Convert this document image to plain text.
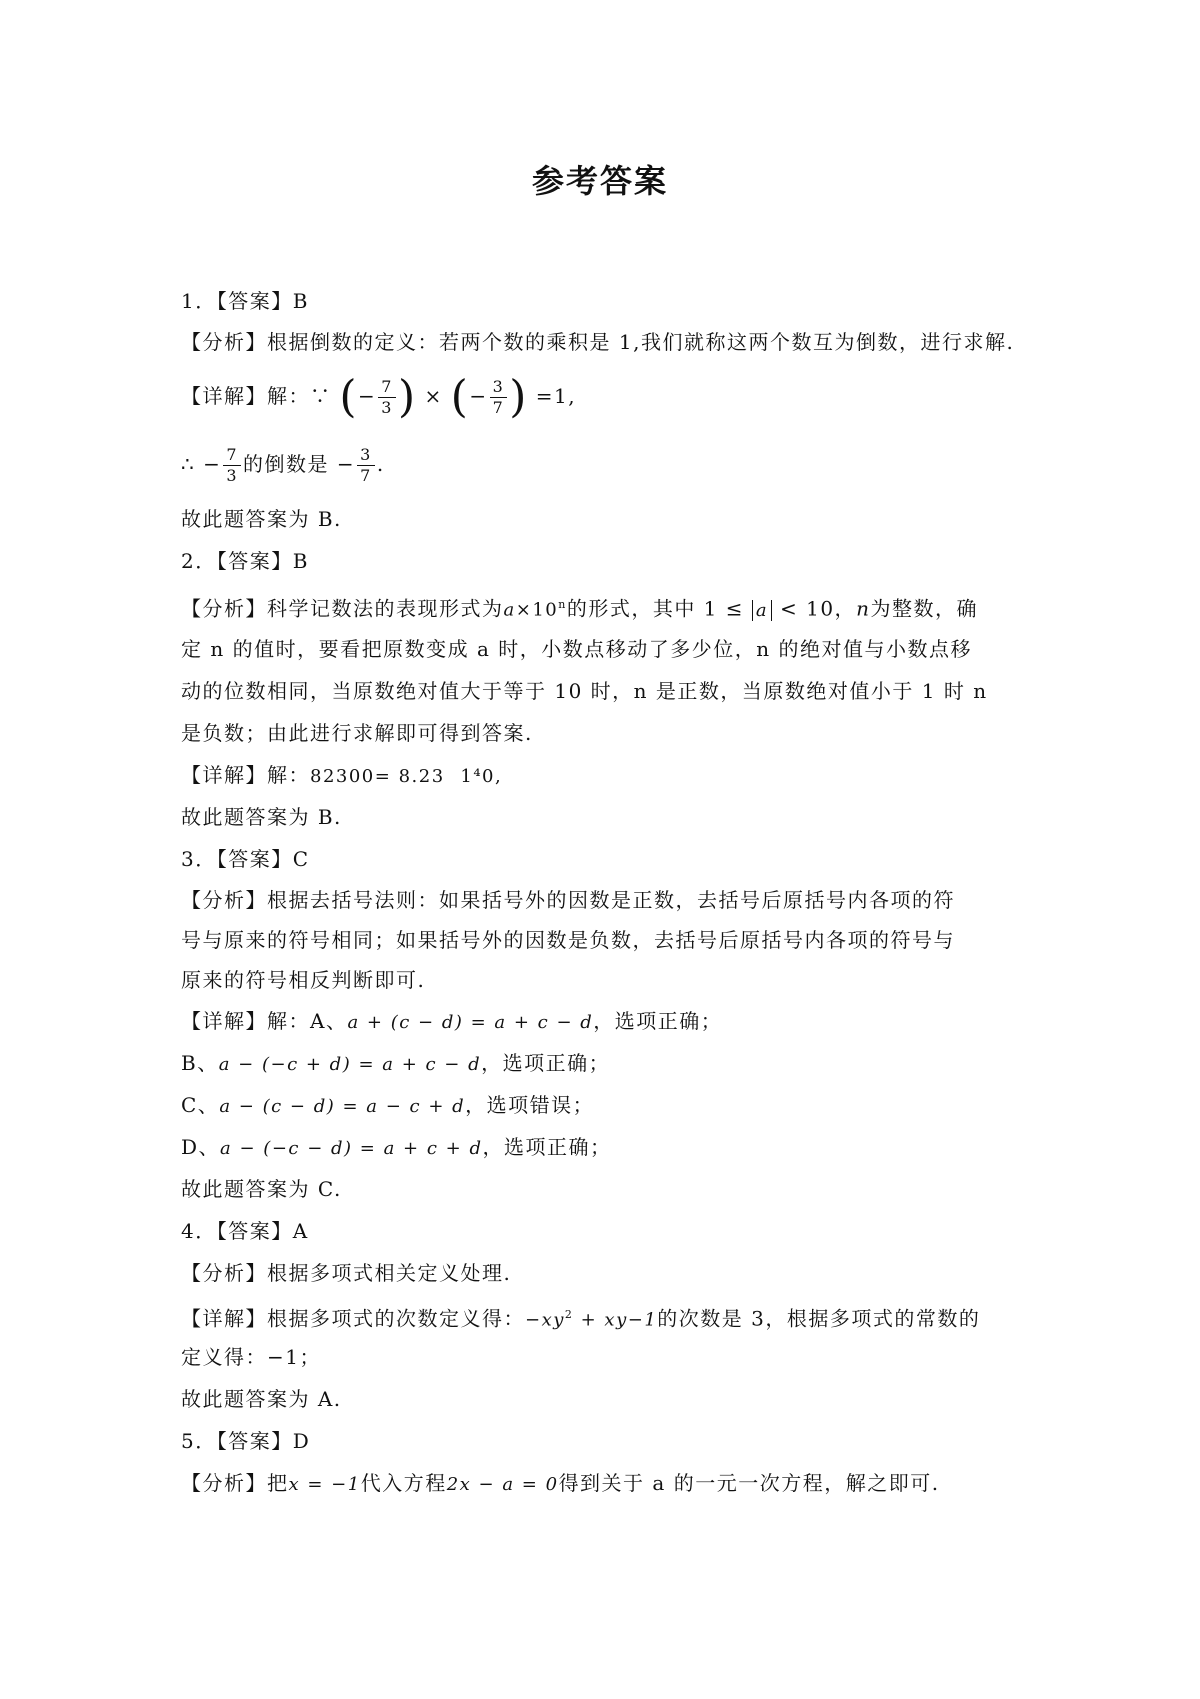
参考答案
1．【答案】B
【分析】根据倒数的定义：若两个数的乘积是 1,我们就称这两个数互为倒数，进行求解.
【详解】解：∵ (− $\frac{7}{3}$ ) × (− $\frac{3}{7}$ ) =1,
∴ − $\frac{7}{3}$ 的倒数是 − $\frac{3}{7}$ .
故此题答案为 B.
2．【答案】B
【分析】科学记数法的表现形式为$a\times 10^n$的形式，其中 1 ≤ a < 10，n为整数，确
定 n 的值时，要看把原数变成 a 时，小数点移动了多少位，n 的绝对值与小数点移
动的位数相同，当原数绝对值大于等于 10 时，n 是正数，当原数绝对值小于 1 时 n
是负数；由此进行求解即可得到答案.
【详解】解：82300= 8.23 1⁴0,
故此题答案为 B.
3．【答案】C
【分析】根据去括号法则：如果括号外的因数是正数，去括号后原括号内各项的符
号与原来的符号相同；如果括号外的因数是负数，去括号后原括号内各项的符号与
原来的符号相反判断即可.
【详解】解：A、a + (c − d) = a + c − d，选项正确；
B、a − (−c + d) = a + c − d，选项正确；
C、a − (c − d) = a − c + d，选项错误；
D、a − (−c − d) = a + c + d，选项正确；
故此题答案为 C.
4．【答案】A
【分析】根据多项式相关定义处理.
【详解】根据多项式的次数定义得：$-xy^2 + xy-1$的次数是 3，根据多项式的常数的
定义得：−1；
故此题答案为 A.
5．【答案】D
【分析】把x = −1代入方程2x − a = 0得到关于 a 的一元一次方程，解之即可.
